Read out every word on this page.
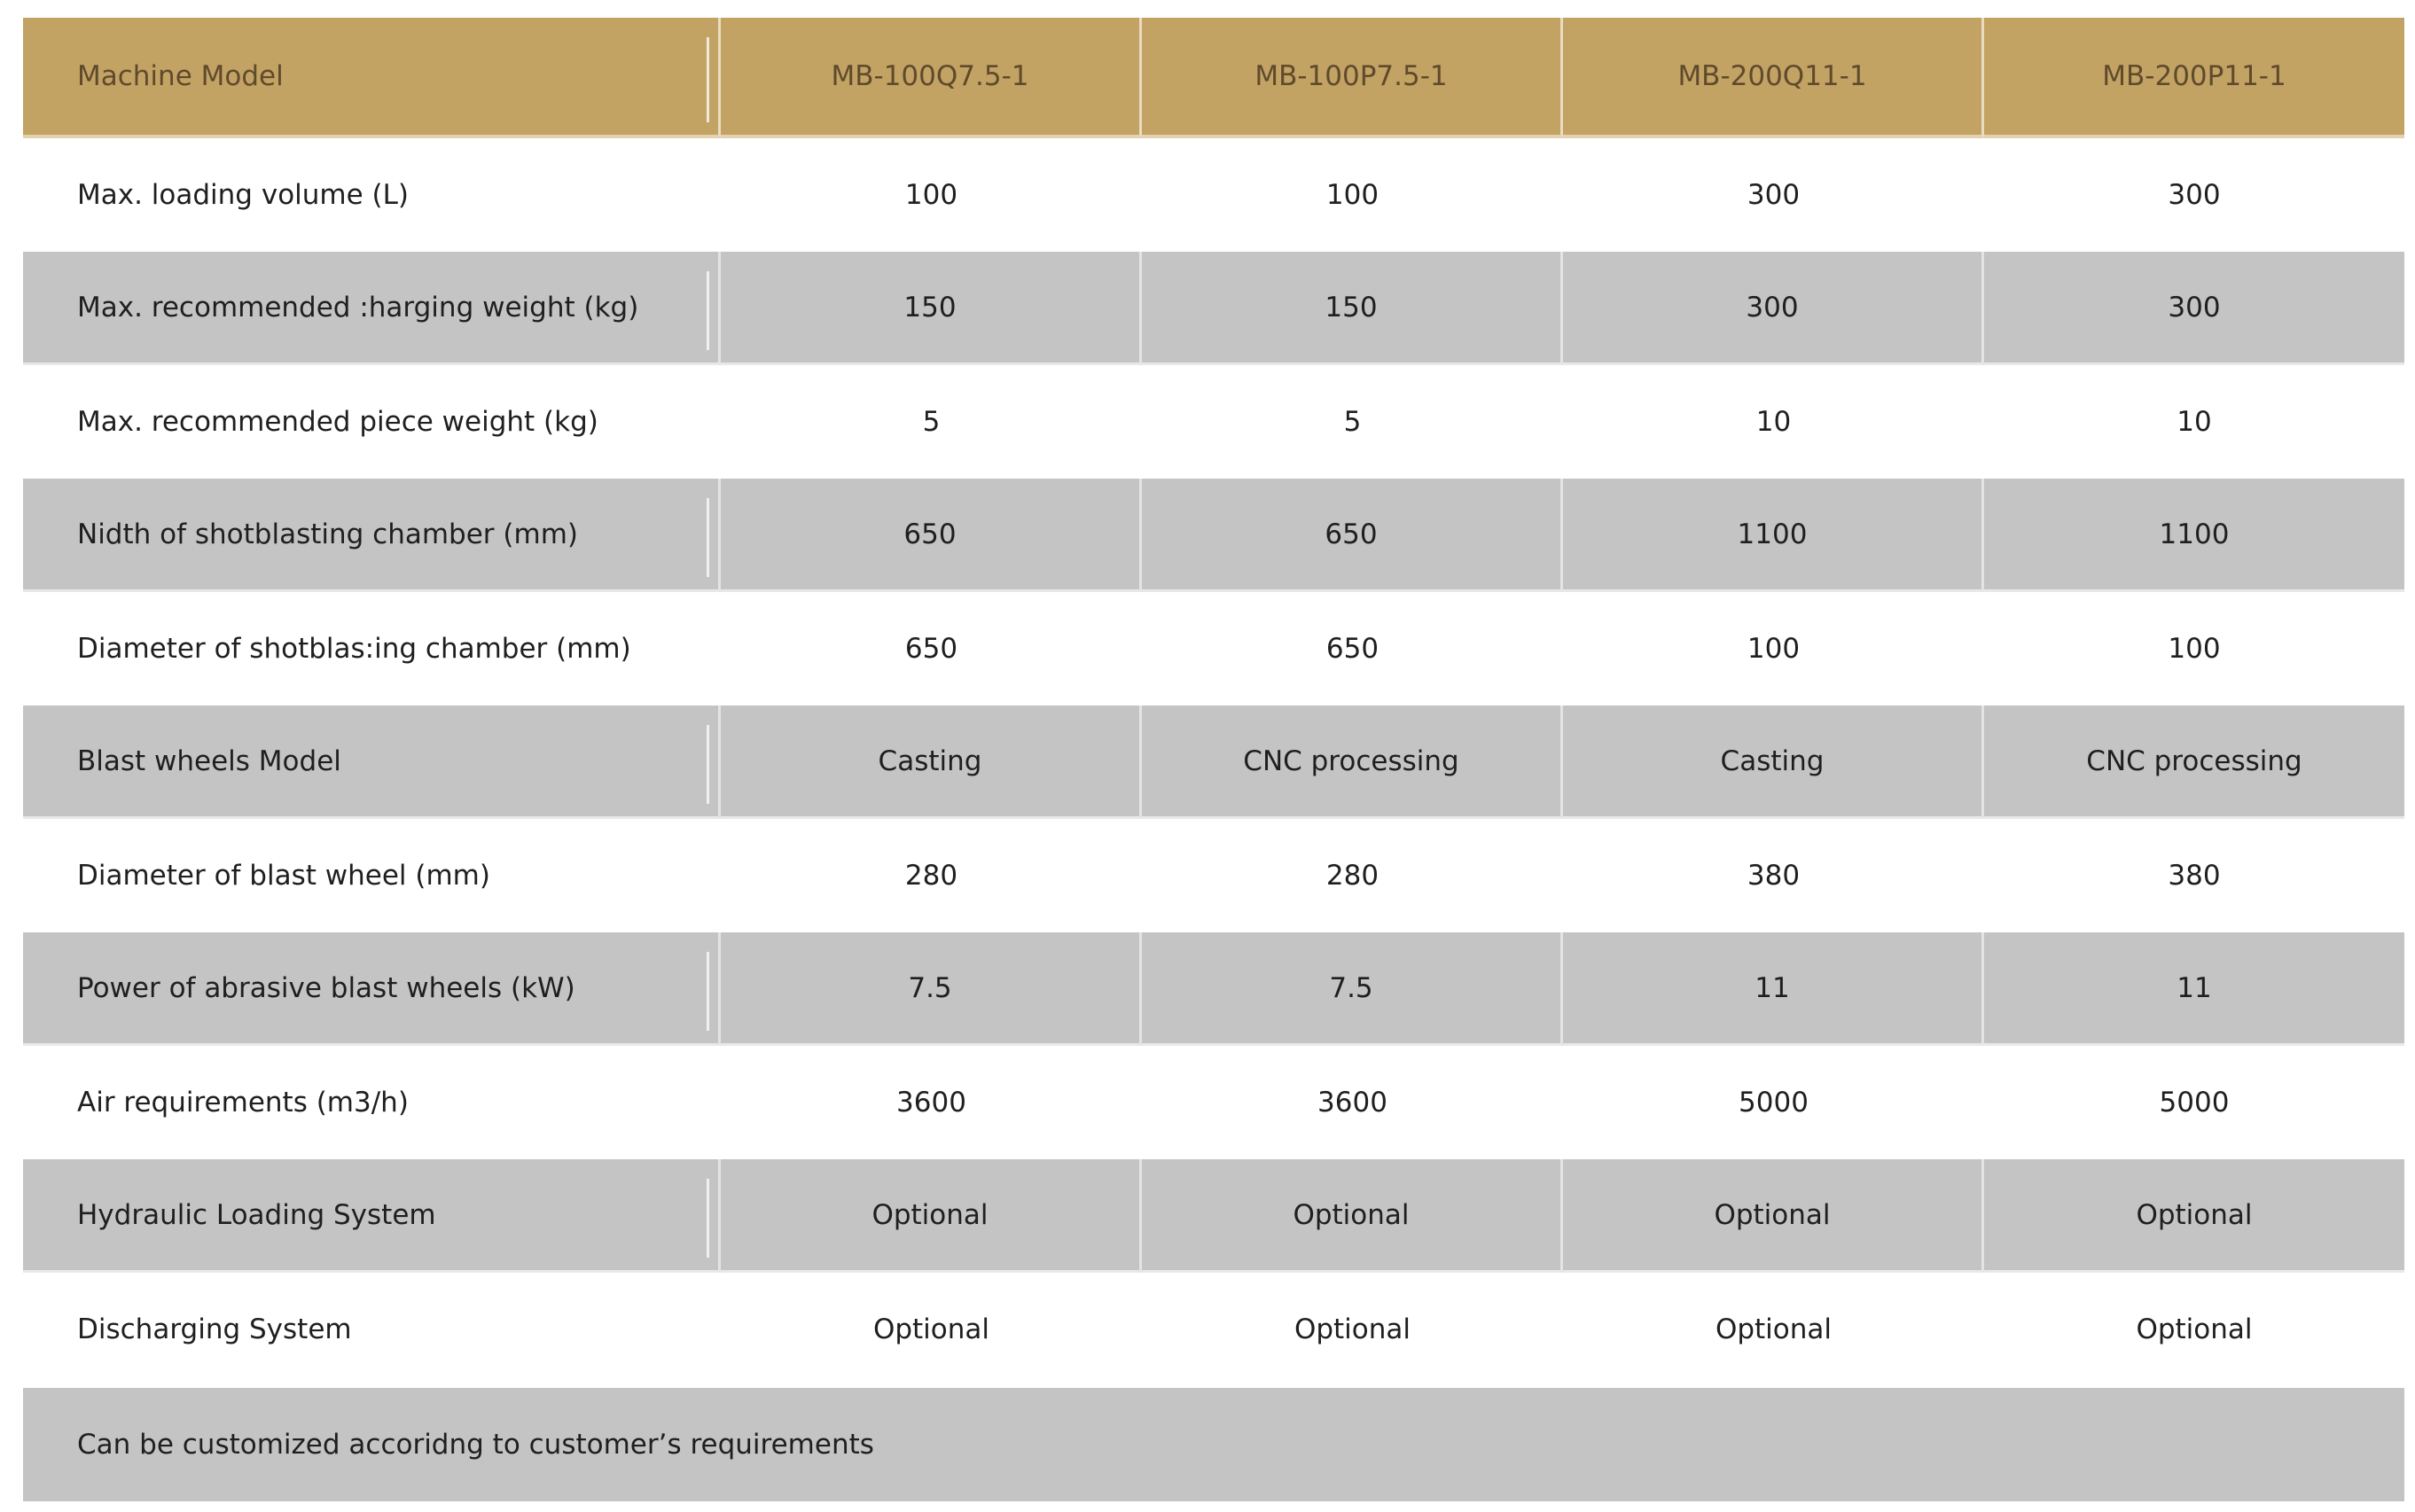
Machine Model	MB-100Q7.5-1	MB-100P7.5-1	MB-200Q11-1	MB-200P11-1
Max. loading volume (L)	100	100	300	300
Max. recommended :harging weight (kg)	150	150	300	300
Max. recommended piece weight (kg)	5	5	10	10
Nidth of shotblasting chamber (mm)	650	650	1100	1100
Diameter of shotblas:ing chamber (mm)	650	650	100	100
Blast wheels Model	Casting	CNC processing	Casting	CNC processing
Diameter of blast wheel (mm)	280	280	380	380
Power of abrasive blast wheels (kW)	7.5	7.5	11	11
Air requirements (m3/h)	3600	3600	5000	5000
Hydraulic Loading System	Optional	Optional	Optional	Optional
Discharging System	Optional	Optional	Optional	Optional
Can be customized accoridng to customer’s requirements
